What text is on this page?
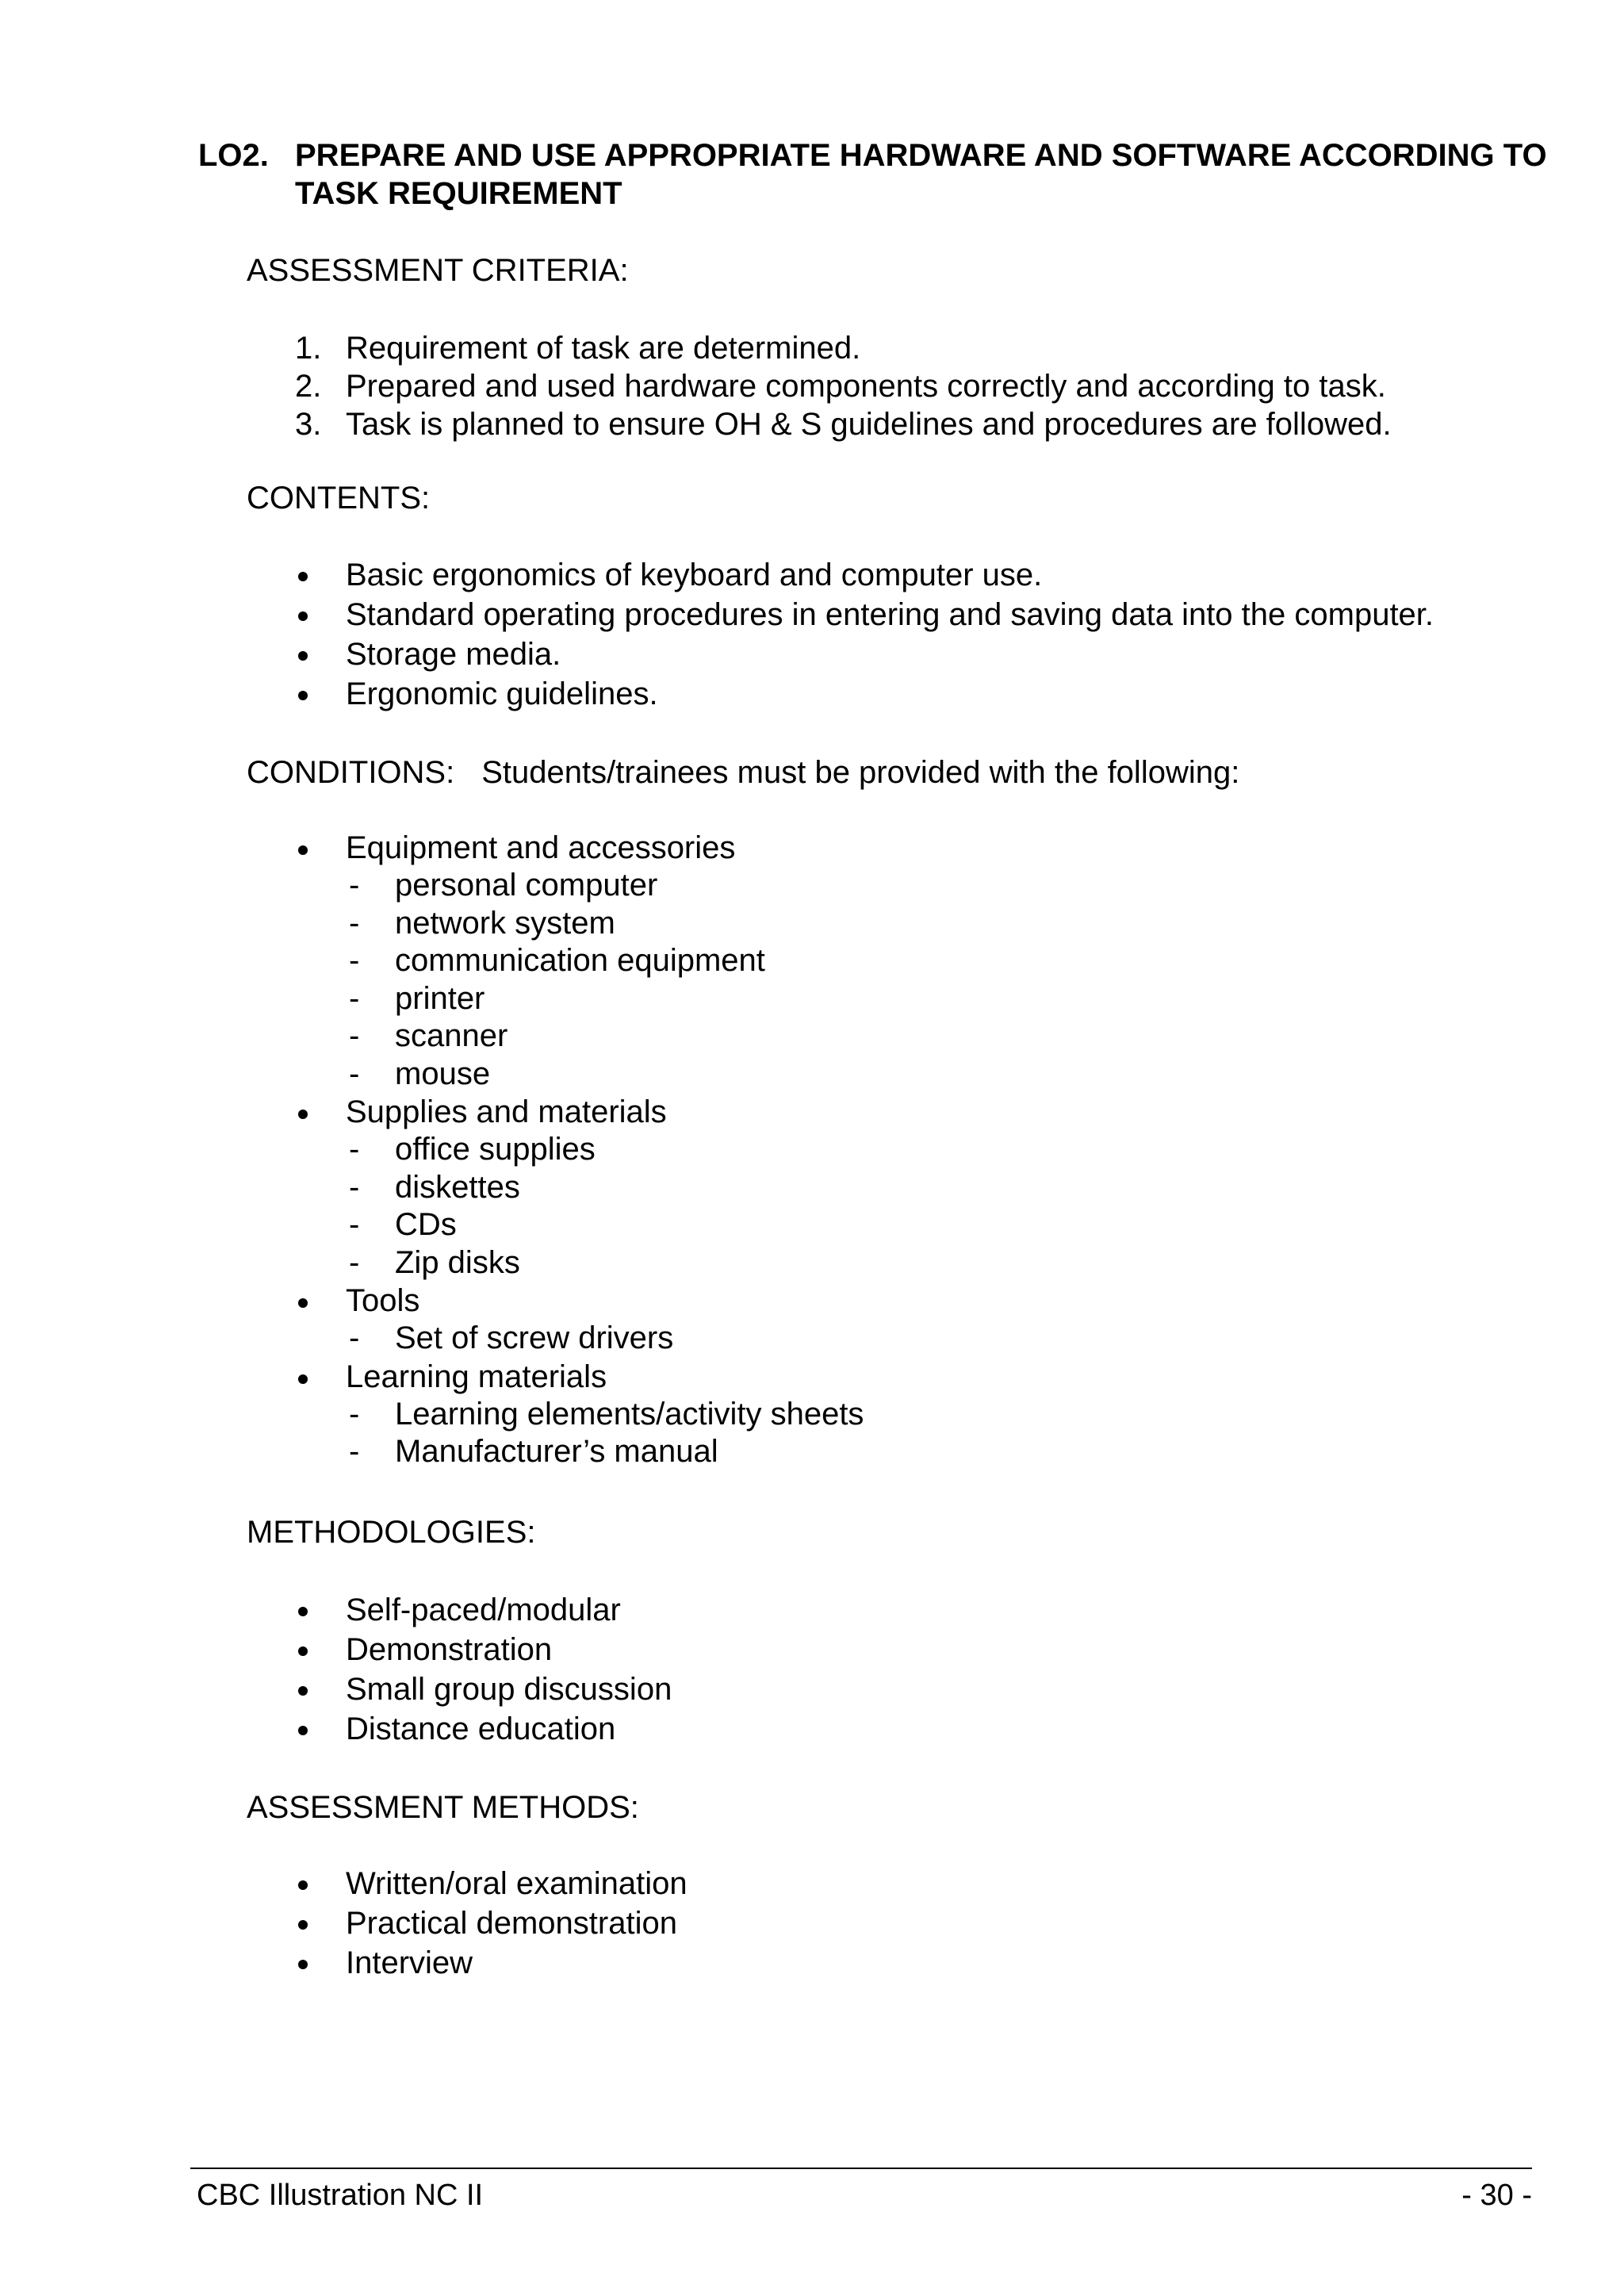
LO2. PREPARE AND USE APPROPRIATE HARDWARE AND SOFTWARE ACCORDING TO TASK REQUIREMENT
ASSESSMENT CRITERIA:
1. Requirement of task are determined.
2. Prepared and used hardware components correctly and according to task.
3. Task is planned to ensure OH & S guidelines and procedures are followed.
CONTENTS:
Basic ergonomics of keyboard and computer use.
Standard operating procedures in entering and saving data into the computer.
Storage media.
Ergonomic guidelines.
CONDITIONS: Students/trainees must be provided with the following:
Equipment and accessories
-	personal computer
-	network system
-	communication equipment
-	printer
-	scanner
-	mouse
Supplies and materials
-	office supplies
-	diskettes
-	CDs
-	Zip disks
Tools
-	Set of screw drivers
Learning materials
-	Learning elements/activity sheets
-	Manufacturer’s manual
METHODOLOGIES:
Self-paced/modular
Demonstration
Small group discussion
Distance education
ASSESSMENT METHODS:
Written/oral examination
Practical demonstration
Interview
CBC Illustration NC II	- 30 -
